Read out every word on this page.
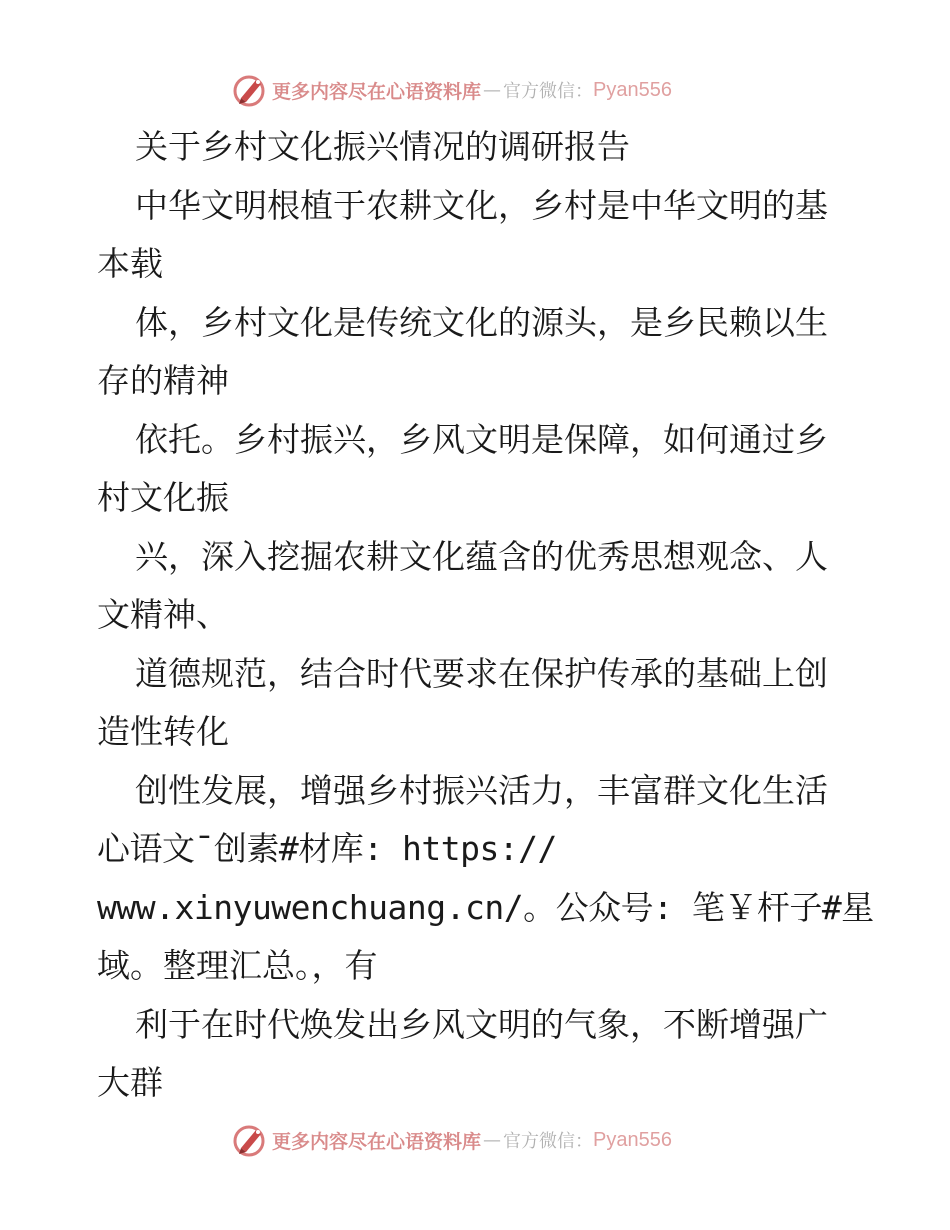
更多内容尽在心语资料库 — 官方微信： Pyan556
关于乡村文化振兴情况的调研报告
中华文明根植于农耕文化，乡村是中华文明的基
本载
体，乡村文化是传统文化的源头，是乡民赖以生
存的精神
依托。乡村振兴，乡风文明是保障，如何通过乡
村文化振
兴，深入挖掘农耕文化蕴含的优秀思想观念、人
文精神、
道德规范，结合时代要求在保护传承的基础上创
造性转化
创性发展，增强乡村振兴活力，丰富群文化生活
心语文¯创素#材库: https://
www.xinyuwenchuang.cn/。公众号: 笔￥杆子#星
域。整理汇总。，有
利于在时代焕发出乡风文明的气象，不断增强广
大群
更多内容尽在心语资料库 — 官方微信： Pyan556
